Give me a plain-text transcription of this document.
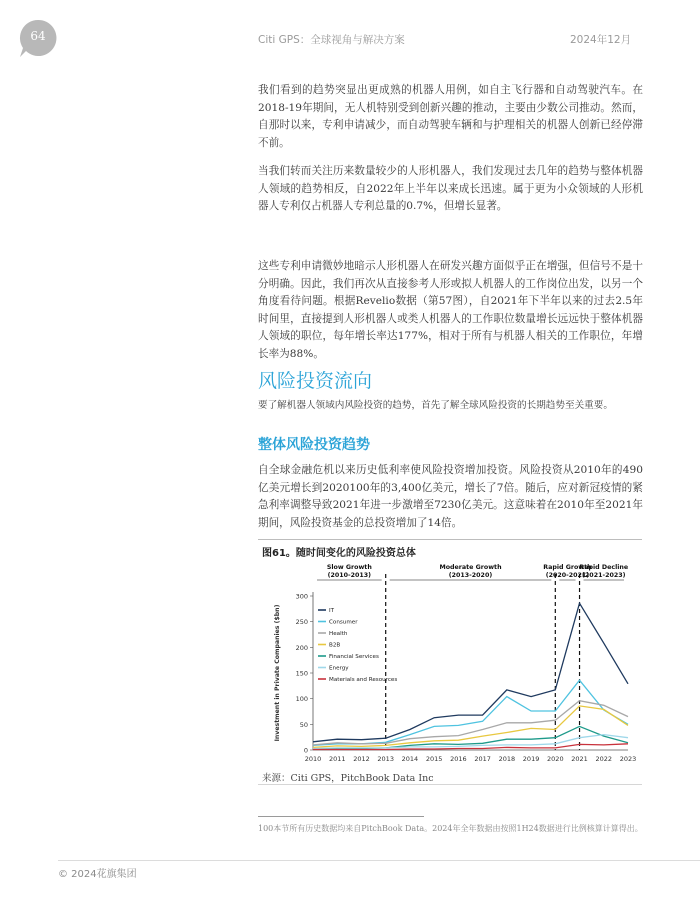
64	Citi GPS：全球视角与解决方案	2024年12月

我们看到的趋势突显出更成熟的机器人用例，如自主飞行器和自动驾驶汽车。在2018-19年期间，无人机特别受到创新兴趣的推动，主要由少数公司推动。然而，自那时以来，专利申请减少，而自动驾驶车辆和与护理相关的机器人创新已经停滞不前。

当我们转而关注历来数量较少的人形机器人，我们发现过去几年的趋势与整体机器人领域的趋势相反，自2022年上半年以来成长迅速。属于更为小众领域的人形机器人专利仅占机器人专利总量的0.7%，但增长显著。

这些专利申请微妙地暗示人形机器人在研发兴趣方面似乎正在增强，但信号不是十分明确。因此，我们再次从直接参考人形或拟人机器人的工作岗位出发，以另一个角度看待问题。根据Revelio数据（第57图），自2021年下半年以来的过去2.5年时间里，直接提到人形机器人或类人机器人的工作职位数量增长远远快于整体机器人领域的职位，每年增长率达177%，相对于所有与机器人相关的工作职位，年增长率为88%。

风险投资流向

要了解机器人领域内风险投资的趋势，首先了解全球风险投资的长期趋势至关重要。

整体风险投资趋势

自全球金融危机以来历史低利率使风险投资增加投资。风险投资从2010年的490亿美元增长到2020100年的3,400亿美元，增长了7倍。随后，应对新冠疫情的紧急利率调整导致2021年进一步激增至7230亿美元。这意味着在2010年至2021年期间，风险投资基金的总投资增加了14倍。

图61。随时间变化的风险投资总体
Slow Growth
(2010-2013)
Moderate Growth
(2013-2020)
Rapid Growth
(2020-2021)
Rapid Decline
(2021-2023)
0
50
100
150
200
250
300
2010 2011 2012 2013 2014 2015 2016 2017 2018 2019 2020 2021 2022 2023
Investment in Private Companies ($bn)	IT
Consumer
Health
B2B
Financial Services
Energy
Materials and Resources
来源：Citi GPS，PitchBook Data Inc

100本节所有历史数据均来自PitchBook Data。2024年全年数据由按照1H24数据进行比例核算计算得出。

© 2024花旗集团
